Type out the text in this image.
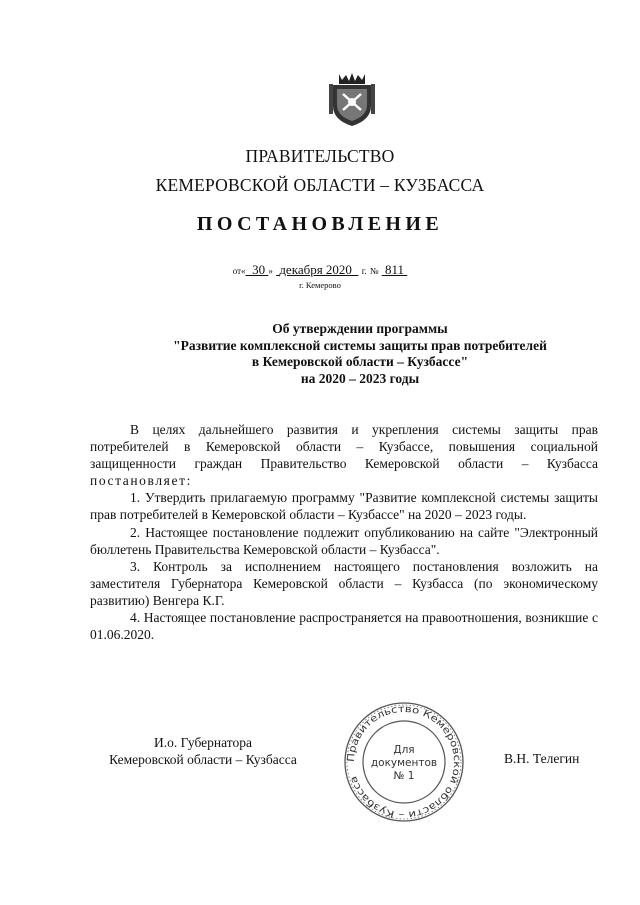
ПРАВИТЕЛЬСТВО
КЕМЕРОВСКОЙ ОБЛАСТИ – КУЗБАССА
ПОСТАНОВЛЕНИЕ
от« 30 » декабря 2020 г. № 811
г. Кемерово
Об утверждении программы
"Развитие комплексной системы защиты прав потребителей
в Кемеровской области – Кузбассе"
на 2020 – 2023 годы

В целях дальнейшего развития и укрепления системы защиты прав потребителей в Кемеровской области – Кузбассе, повышения социальной защищенности граждан Правительство Кемеровской области – Кузбасса постановляет:

1. Утвердить прилагаемую программу "Развитие комплексной системы защиты прав потребителей в Кемеровской области – Кузбассе" на 2020 – 2023 годы.

2. Настоящее постановление подлежит опубликованию на сайте "Электронный бюллетень Правительства Кемеровской области – Кузбасса".

3. Контроль за исполнением настоящего постановления возложить на заместителя Губернатора Кемеровской области – Кузбасса (по экономическому развитию) Венгера К.Г.

4. Настоящее постановление распространяется на правоотношения, возникшие с 01.06.2020.

И.о. Губернатора
Кемеровской области – Кузбасса	Правительство Кемеровской области – Кузбасса
Для
документов
№ 1
В.Н. Телегин
